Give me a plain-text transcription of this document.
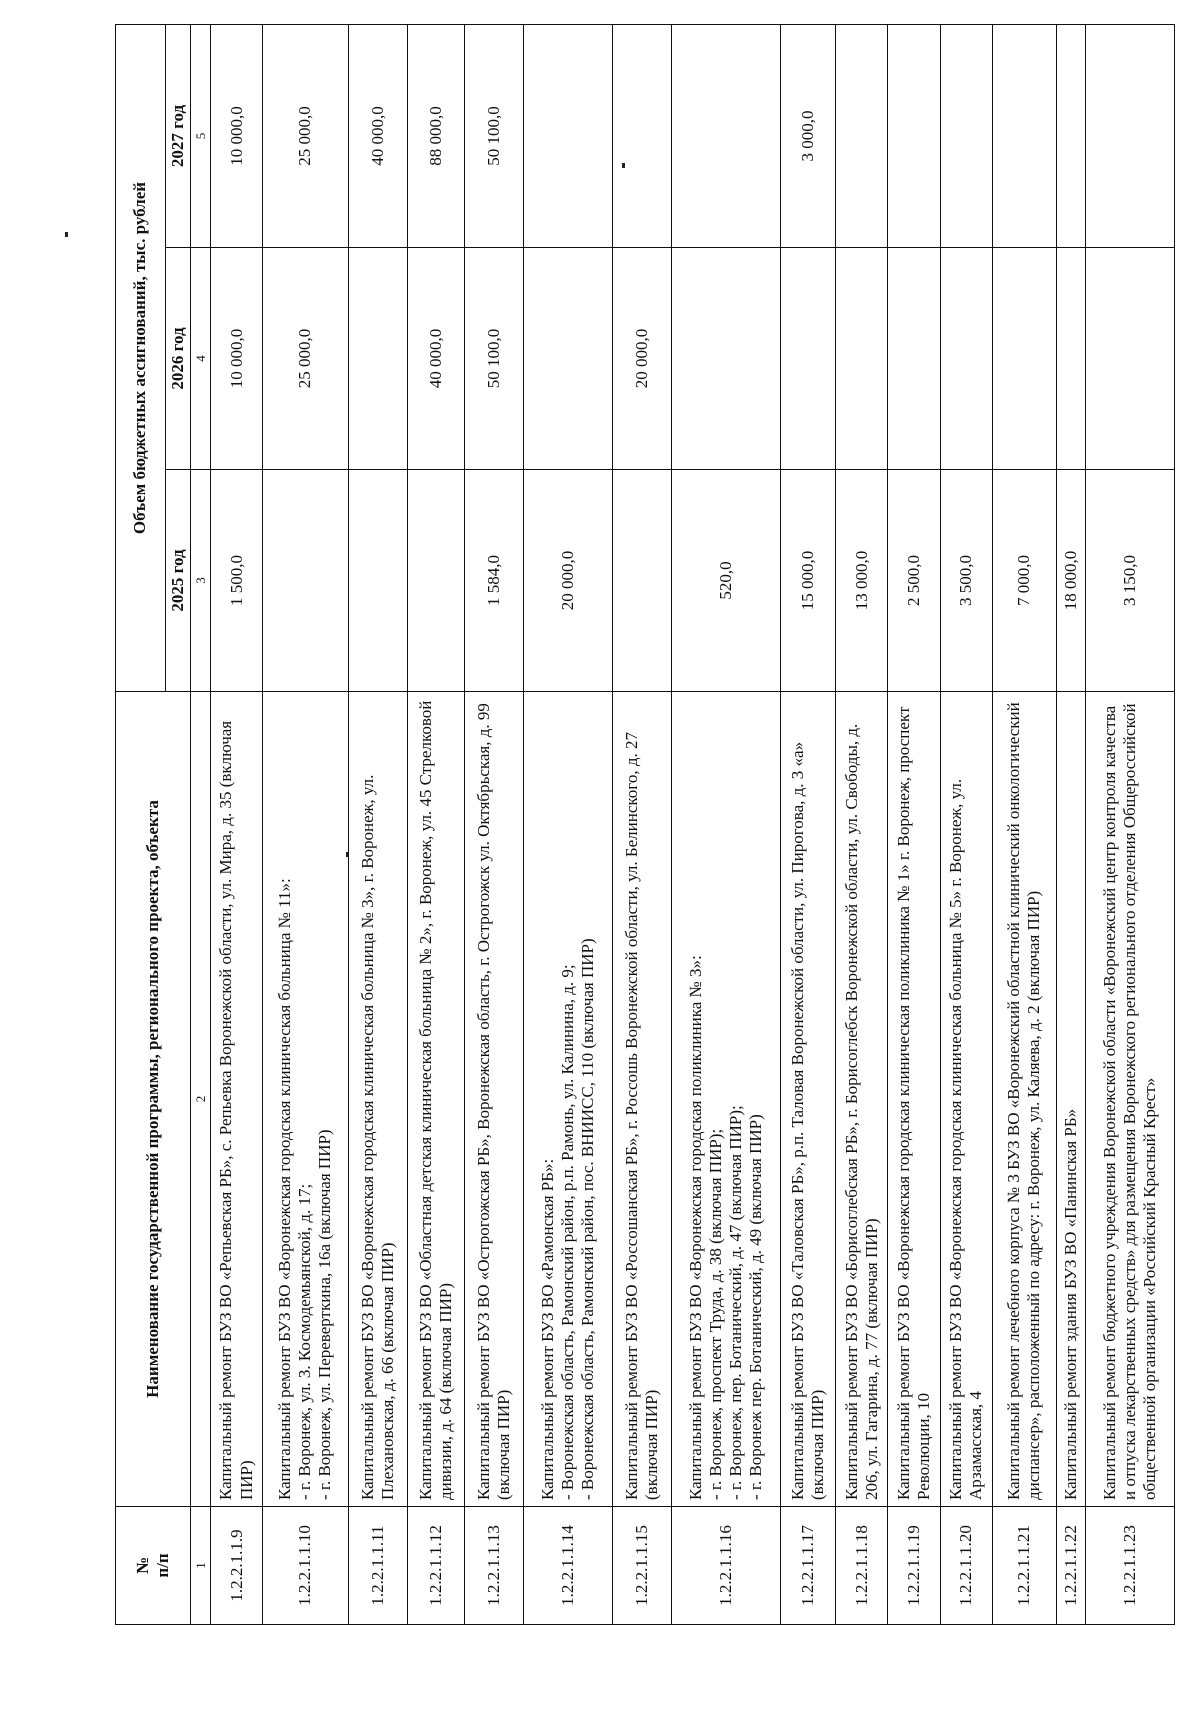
№
п/п	Наименование государственной программы, регионального проекта, объекта	Объем бюджетных ассигнований, тыс. рублей		
		2025 год	2026 год	2027 год
1	2	3	4	5
1.2.2.1.1.9	Капитальный ремонт БУЗ ВО «Репьевская РБ», с. Репьевка Воронежской области, ул. Мира, д. 35 (включая ПИР)	1 500,0	10 000,0	10 000,0
1.2.2.1.1.10	Капитальный ремонт БУЗ ВО «Воронежская городская клиническая больница № 11»:
- г. Воронеж, ул. 3. Космодемьянской, д. 17;
- г. Воронеж, ул. Переверткина, 16а (включая ПИР)		25 000,0	25 000,0
1.2.2.1.1.11	Капитальный ремонт БУЗ ВО «Воронежская городская клиническая больница № 3», г. Воронеж, ул. Плехановская, д. 66 (включая ПИР)			40 000,0
1.2.2.1.1.12	Капитальный ремонт БУЗ ВО «Областная детская клиническая больница № 2», г. Воронеж, ул. 45 Стрелковой дивизии, д. 64 (включая ПИР)		40 000,0	88 000,0
1.2.2.1.1.13	Капитальный ремонт БУЗ ВО «Острогожская РБ», Воронежская область, г. Острогожск ул. Октябрьская, д. 99 (включая ПИР)	1 584,0	50 100,0	50 100,0
1.2.2.1.1.14	Капитальный ремонт БУЗ ВО «Рамонская РБ»:
- Воронежская область, Рамонский район, р.п. Рамонь, ул. Калинина, д. 9;
- Воронежская область, Рамонский район, пос. ВНИИСС, 110 (включая ПИР)	20 000,0		
1.2.2.1.1.15	Капитальный ремонт БУЗ ВО «Россошанская РБ», г. Россошь Воронежской области, ул. Белинского, д. 27 (включая ПИР)		20 000,0	
1.2.2.1.1.16	Капитальный ремонт БУЗ ВО «Воронежская городская поликлиника № 3»:
- г. Воронеж, проспект Труда, д. 38 (включая ПИР);
- г. Воронеж, пер. Ботанический, д. 47 (включая ПИР);
- г. Воронеж пер. Ботанический, д. 49 (включая ПИР)	520,0		
1.2.2.1.1.17	Капитальный ремонт БУЗ ВО «Таловская РБ», р.п. Таловая Воронежской области, ул. Пирогова, д. 3 «а» (включая ПИР)	15 000,0		3 000,0
1.2.2.1.1.18	Капитальный ремонт БУЗ ВО «Борисоглебская РБ», г. Борисоглебск Воронежской области, ул. Свободы, д. 206, ул. Гагарина, д. 77 (включая ПИР)	13 000,0		
1.2.2.1.1.19	Капитальный ремонт БУЗ ВО «Воронежская городская клиническая поликлиника № 1» г. Воронеж, проспект Революции, 10	2 500,0		
1.2.2.1.1.20	Капитальный ремонт БУЗ ВО «Воронежская городская клиническая больница № 5» г. Воронеж, ул. Арзамасская, 4	3 500,0		
1.2.2.1.1.21	Капитальный ремонт лечебного корпуса № 3 БУЗ ВО «Воронежский областной клинический онкологический диспансер», расположенный по адресу: г. Воронеж, ул. Каляева, д. 2 (включая ПИР)	7 000,0		
1.2.2.1.1.22	Капитальный ремонт здания БУЗ ВО «Панинская РБ»	18 000,0		
1.2.2.1.1.23	Капитальный ремонт бюджетного учреждения Воронежской области «Воронежский центр контроля качества и отпуска лекарственных средств» для размещения Воронежского регионального отделения Общероссийской общественной организации «Российский Красный Крест»	3 150,0		
